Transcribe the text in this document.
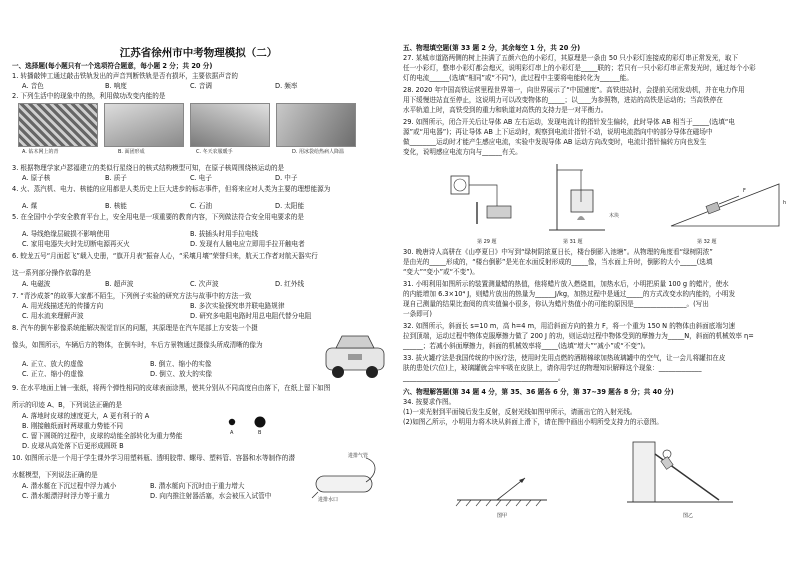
江苏省徐州市中考物理模拟（二）
一、选择题(每小题只有一个选项符合题意，每小题 2 分；共 20 分)
1. 转播敲钟工通过敲击铁轨发出的声音判断铁轨是否有损坏，主要依据声音的
A. 音色	B. 响度	C. 音调	D. 频率
2. 下列生活中的现象中的热，利用做功改变内能的是
A. 钻木网上的青	B. 面团形成	C. 冬天农服暖手	D. 用冰袋给热病人降温
3. 根据物理学家卢瑟福建立的类似行星绕日的核式结构模型可知，在原子核周围绕核运动的是
A. 原子核	B. 质子	C. 电子	D. 中子
4. 火、蒸汽机、电力、核能的应用都是人类历史上巨大进步的标志事件，但将来应对人类为主要的理想能源为
A. 煤	B. 核能	C. 石油	D. 太阳能
5. 在全国中小学安全教育平台上，安全用电是一项重要的教育内容，下列做法符合安全用电要求的是
A. 导线绝缘层破损不影响使用	B. 拔插头时用手拉电线
C. 家用电器失火时先切断电源再灭火	D. 发现有人触电应立即用手拉开触电者
6. 蛟龙五号“月面起飞”载入史册，“旗开月表”振奋人心，“采壤月壤”荣誉归来，航天工作者对航天器实行
这一系列部分操作依靠的是
A. 电磁波	B. 超声波	C. 次声波	D. 红外线
7. “青沙成茶”的故事大家都不陌生，下列例子实验的研究方法与故事中的方法一致
A. 用光线描述光的传播方向	B. 多次实验探究串并联电路规律
C. 用水流来理解声波	D. 研究多电阻电路时用总电阻代替分电阻
8. 汽车的倒车影像系统能解决视觉盲区的问题，其原理是在汽车尾部上方安装一个摄
像头，如图所示，车辆后方的物体，在倒车时，车后方景物通过摄像头所成清晰的像为
A. 正立、放大的虚像	B. 倒立、缩小的实像
C. 正立、缩小的虚像	D. 倒立、放大的实像
9. 在水平地面上铺一张纸，将两个弹性相同的皮球表面涂黑，使其分别从不同高度自由落下，在纸上留下如图
所示的印迹 A、B，下列说法正确的是
A. 落地时皮球的速度更大，A 更有利于的 A
B. 刚接触纸面时两球重力势能不同
C. 留下圆斑的过程中，皮球的动能全部转化为重力势能
D. 皮球从高处落下后更形成圆斑 B
A	B
10. 如图所示是一个用于学生课外学习用塑料瓶、透明胶带、螺母、塑料管、容器和水等制作的潜
水艇模型，下列说法正确的是
A. 潜水艇在下沉过程中浮力减小	B. 潜水艇向下沉时由于重力增大
C. 潜水艇漂浮时浮力等于重力	D. 向内推注射器活塞，水会被压入试管中
进排气管
进排水口
五、物理填空题(第 33 题 2 分，其余每空 1 分，共 20 分)
27. 某城市道路两侧的树上挂满了五颜六色的小彩灯，其原理是一条由 50 只小彩灯连接成的彩灯串正常发光，取下
任一小彩灯，整串小彩灯都会熄灭，说明彩灯串上的小彩灯是_____联的；若只有一只小彩灯串正常发光时，通过每个小彩
灯的电流______(选填“相同”或“不同”)，此过程中主要将电能转化为______能。
28. 2020 年中国高铁运营里程世界第一，向世界展示了“中国速度”。高铁进站时，会提前关闭发动机，并在电力作用
用下缓慢进站直至停止，这说明力可以改变物体的_____；以____为参照物，进站的高铁是运动的；当高铁停在
水平轨道上时，高铁受到的重力和轨道对高铁的支持力是一对平衡力。
29. 如图所示，闭合开关后让导体 AB 左右运动，发现电流计的指针发生偏转，此时导体 AB 相当于_____(选填“电
源”或“用电器”)；再让导体 AB 上下运动时，观察到电流计指针不动，说明电流指向中的部分导体在磁场中
做________运动时才能产生感应电流，实验中发现导体 AB 运动方向改变时，电流计指针偏转方向也发生
变化，说明感应电流方向与______有关。
木块
F
h
第 29 题	第 31 题	第 32 题
30. 晚唐诗人高骈在《山亭夏日》中写到“绿树阴浓夏日长，楼台倒影入池塘”。从物理的角度看“绿树阴浓”
是由光的_____形成的，“楼台倒影”是光在水面反射形成的_____像，当水面上升时，倒影的大小_____(选填
“变大”“变小”或“不变”)。
31. 小明利用如图所示的装置测量蜡的热值，他将蜡片放入燃烧皿，加热水后，小明把质量 100 g 的蜡片，使水
的内能增加 6.3×10⁴ J，则蜡片放出的热量为______J/kg，加热过程中是通过_____的方式改变水的内能的，小明发
现自己测量的结果比查阅的真实值偏小很多，你认为蜡片热值小的可能的原因是________________。(写出
一条即可)
32. 如图所示，斜面长 s=10 m，高 h=4 m，用沿斜面方向的推力 F，将一个重为 150 N 的物体由斜面底端匀速
拉到顶端，运动过程中物体克服摩擦力做了 200 J 的功，则运动过程中物体受到的摩擦力为_____N，斜面的机械效率 η=
______；若减小斜面摩擦力，斜面的机械效率将_____(选填“增大”“减小”或“不变”)。
33. 拔火罐疗法是我国传统的中医疗法，使用时先用点燃的酒精棉球加热玻璃罐中的空气，让一会儿将罐扣在皮
肤的患处(穴位)上，玻璃罐就会牢牢吸在皮肤上，请你用学过的物理知识解释这个现象：_____________
_______________________________________________。
六、物理解答题(第 34 题 4 分，第 35、36 题各 6 分，第 37~39 题各 8 分；共 40 分)
34. 按要求作图。
(1)一束光射到平面镜后发生反射，反射光线如图甲所示，请画出它的入射光线。
(2)如图乙所示，小明用力将木块从斜面上滑下，请在图中画出小明所受支持力的示意图。
图甲	图乙
